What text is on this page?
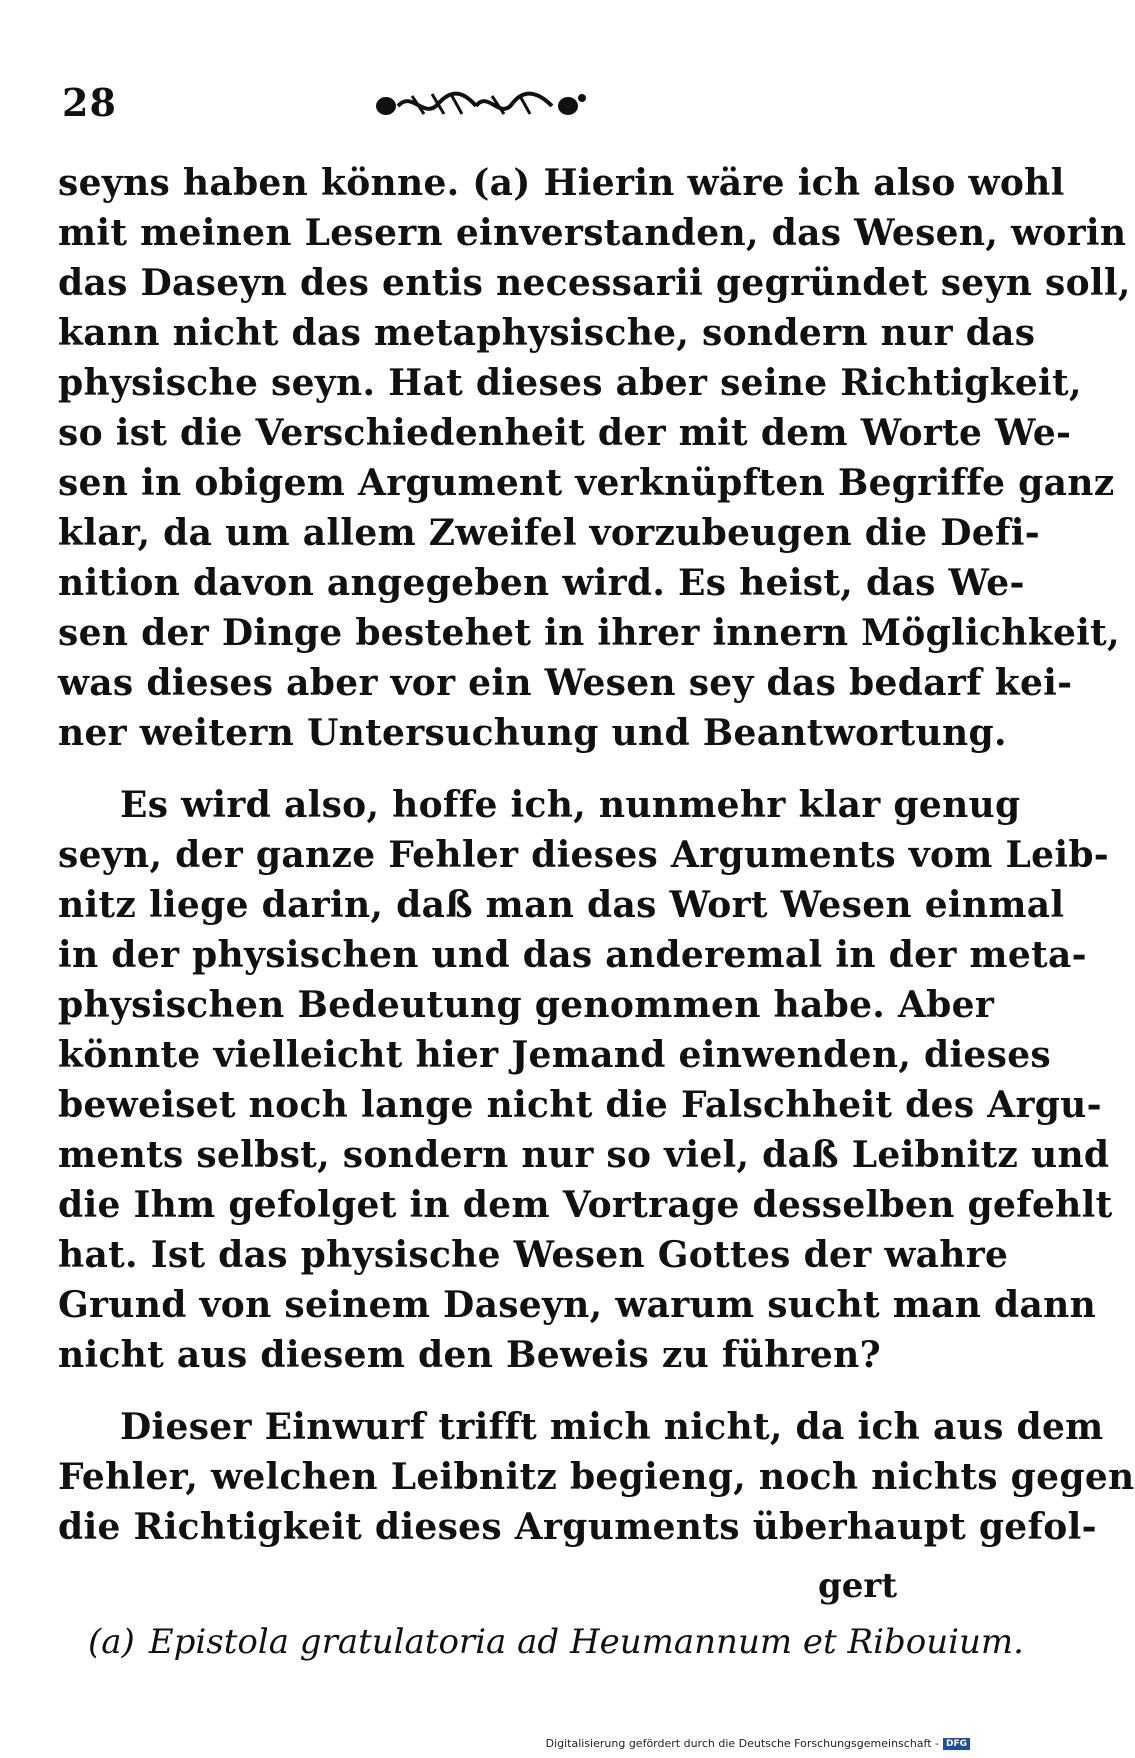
28
seyns haben könne. (a) Hierin wäre ich also wohl
mit meinen Lesern einverstanden, das Wesen, worin
das Daseyn des entis necessarii gegründet seyn soll,
kann nicht das metaphysische, sondern nur das
physische seyn. Hat dieses aber seine Richtigkeit,
so ist die Verschiedenheit der mit dem Worte We-
sen in obigem Argument verknüpften Begriffe ganz
klar, da um allem Zweifel vorzubeugen die Defi-
nition davon angegeben wird. Es heist, das We-
sen der Dinge bestehet in ihrer innern Möglichkeit,
was dieses aber vor ein Wesen sey das bedarf kei-
ner weitern Untersuchung und Beantwortung.
Es wird also, hoffe ich, nunmehr klar genug
seyn, der ganze Fehler dieses Arguments vom Leib-
nitz liege darin, daß man das Wort Wesen einmal
in der physischen und das anderemal in der meta-
physischen Bedeutung genommen habe. Aber
könnte vielleicht hier Jemand einwenden, dieses
beweiset noch lange nicht die Falschheit des Argu-
ments selbst, sondern nur so viel, daß Leibnitz und
die Ihm gefolget in dem Vortrage desselben gefehlt
hat. Ist das physische Wesen Gottes der wahre
Grund von seinem Daseyn, warum sucht man dann
nicht aus diesem den Beweis zu führen?
Dieser Einwurf trifft mich nicht, da ich aus dem
Fehler, welchen Leibnitz begieng, noch nichts gegen
die Richtigkeit dieses Arguments überhaupt gefol-
gert
(a) Epistola gratulatoria ad Heumannum et Ribouium.
Digitalisierung gefördert durch die Deutsche Forschungsgemeinschaft - DFG
